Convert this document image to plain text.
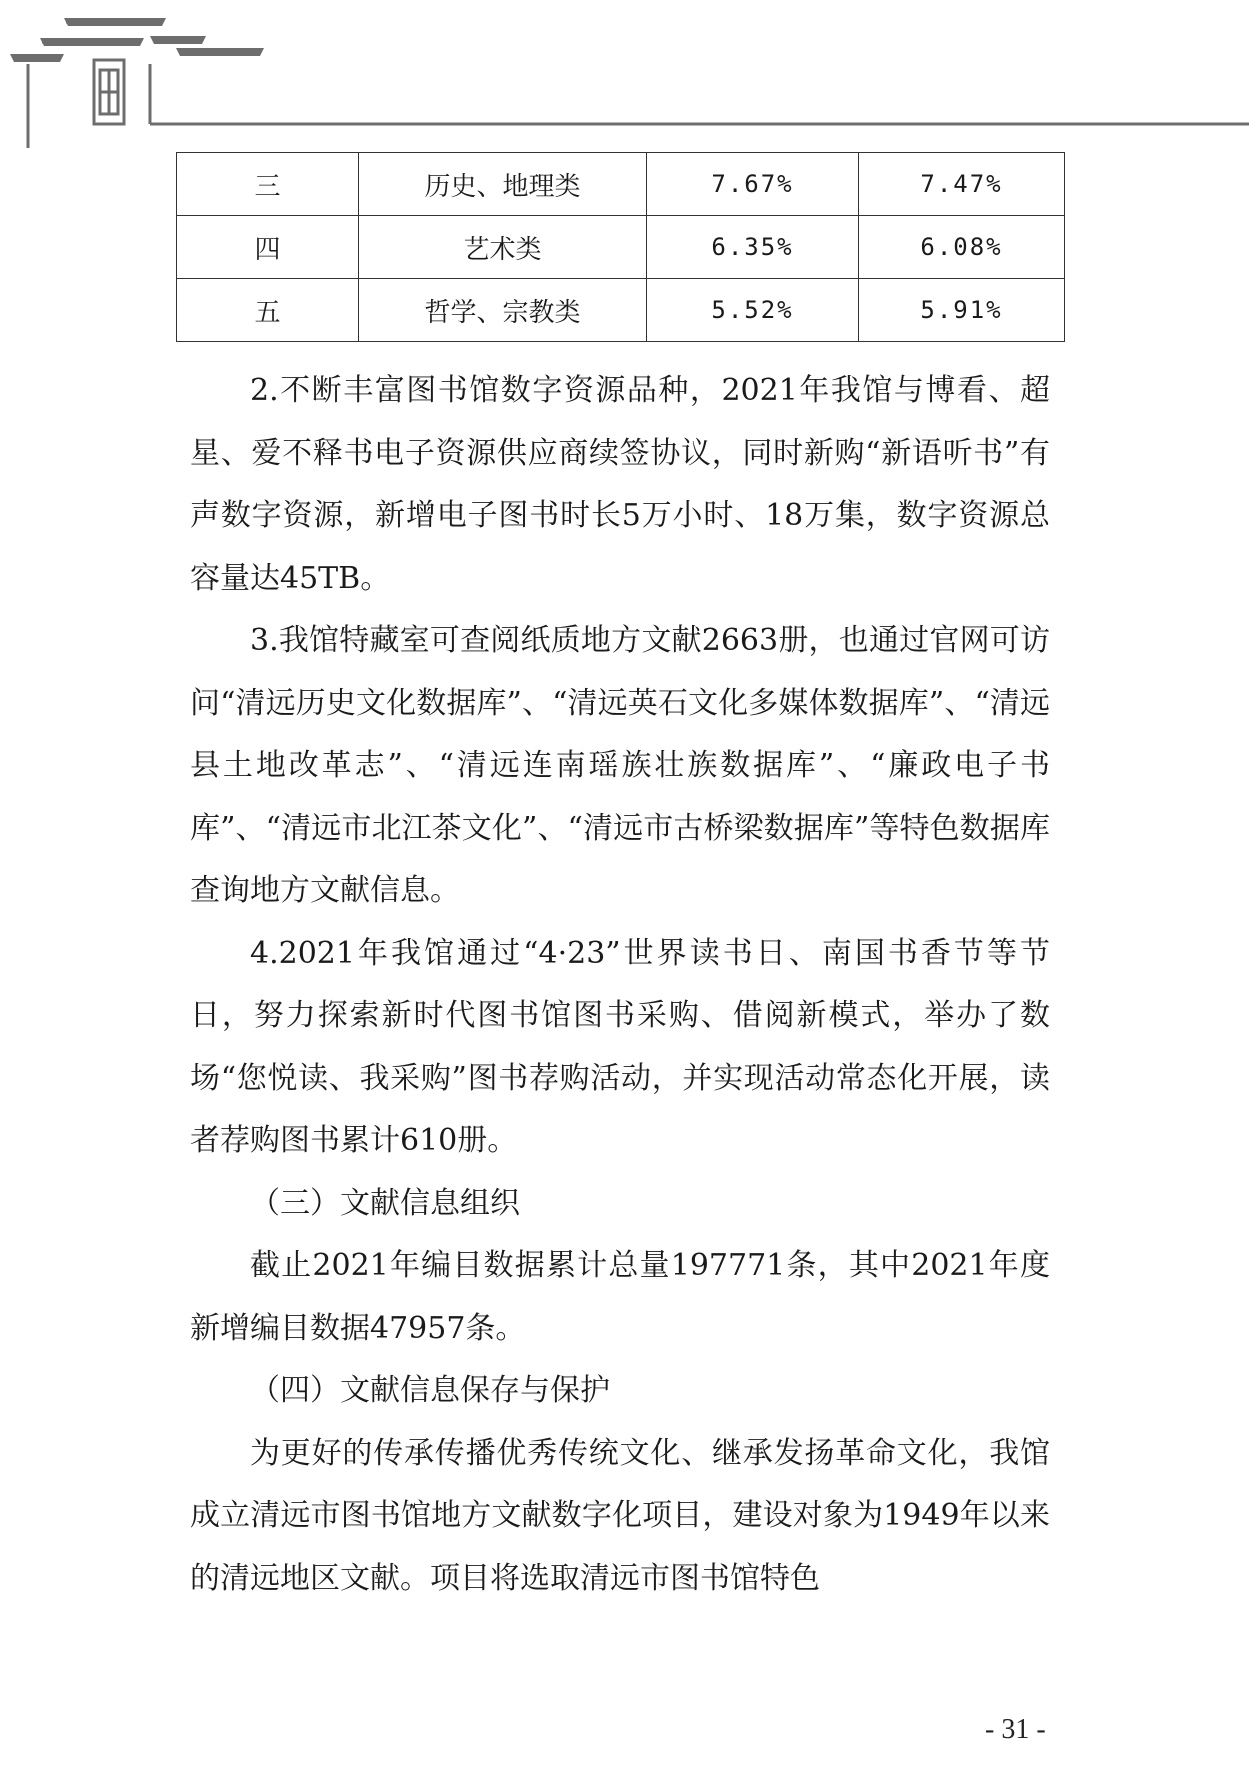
三	历史、地理类	7.67%	7.47%
四	艺术类	6.35%	6.08%
五	哲学、宗教类	5.52%	5.91%

2.不断丰富图书馆数字资源品种，2021年我馆与博看、超星、爱不释书电子资源供应商续签协议，同时新购“新语听书”有声数字资源，新增电子图书时长5万小时、18万集，数字资源总容量达45TB。

3.我馆特藏室可查阅纸质地方文献2663册，也通过官网可访问“清远历史文化数据库”、“清远英石文化多媒体数据库”、“清远县土地改革志”、“清远连南瑶族壮族数据库”、“廉政电子书库”、“清远市北江茶文化”、“清远市古桥梁数据库”等特色数据库查询地方文献信息。

4.2021年我馆通过“4·23”世界读书日、南国书香节等节日，努力探索新时代图书馆图书采购、借阅新模式，举办了数场“您悦读、我采购”图书荐购活动，并实现活动常态化开展，读者荐购图书累计610册。

（三）文献信息组织

截止2021年编目数据累计总量197771条，其中2021年度新增编目数据47957条。

（四）文献信息保存与保护

为更好的传承传播优秀传统文化、继承发扬革命文化，我馆成立清远市图书馆地方文献数字化项目，建设对象为1949年以来的清远地区文献。项目将选取清远市图书馆特色

- 31 -
